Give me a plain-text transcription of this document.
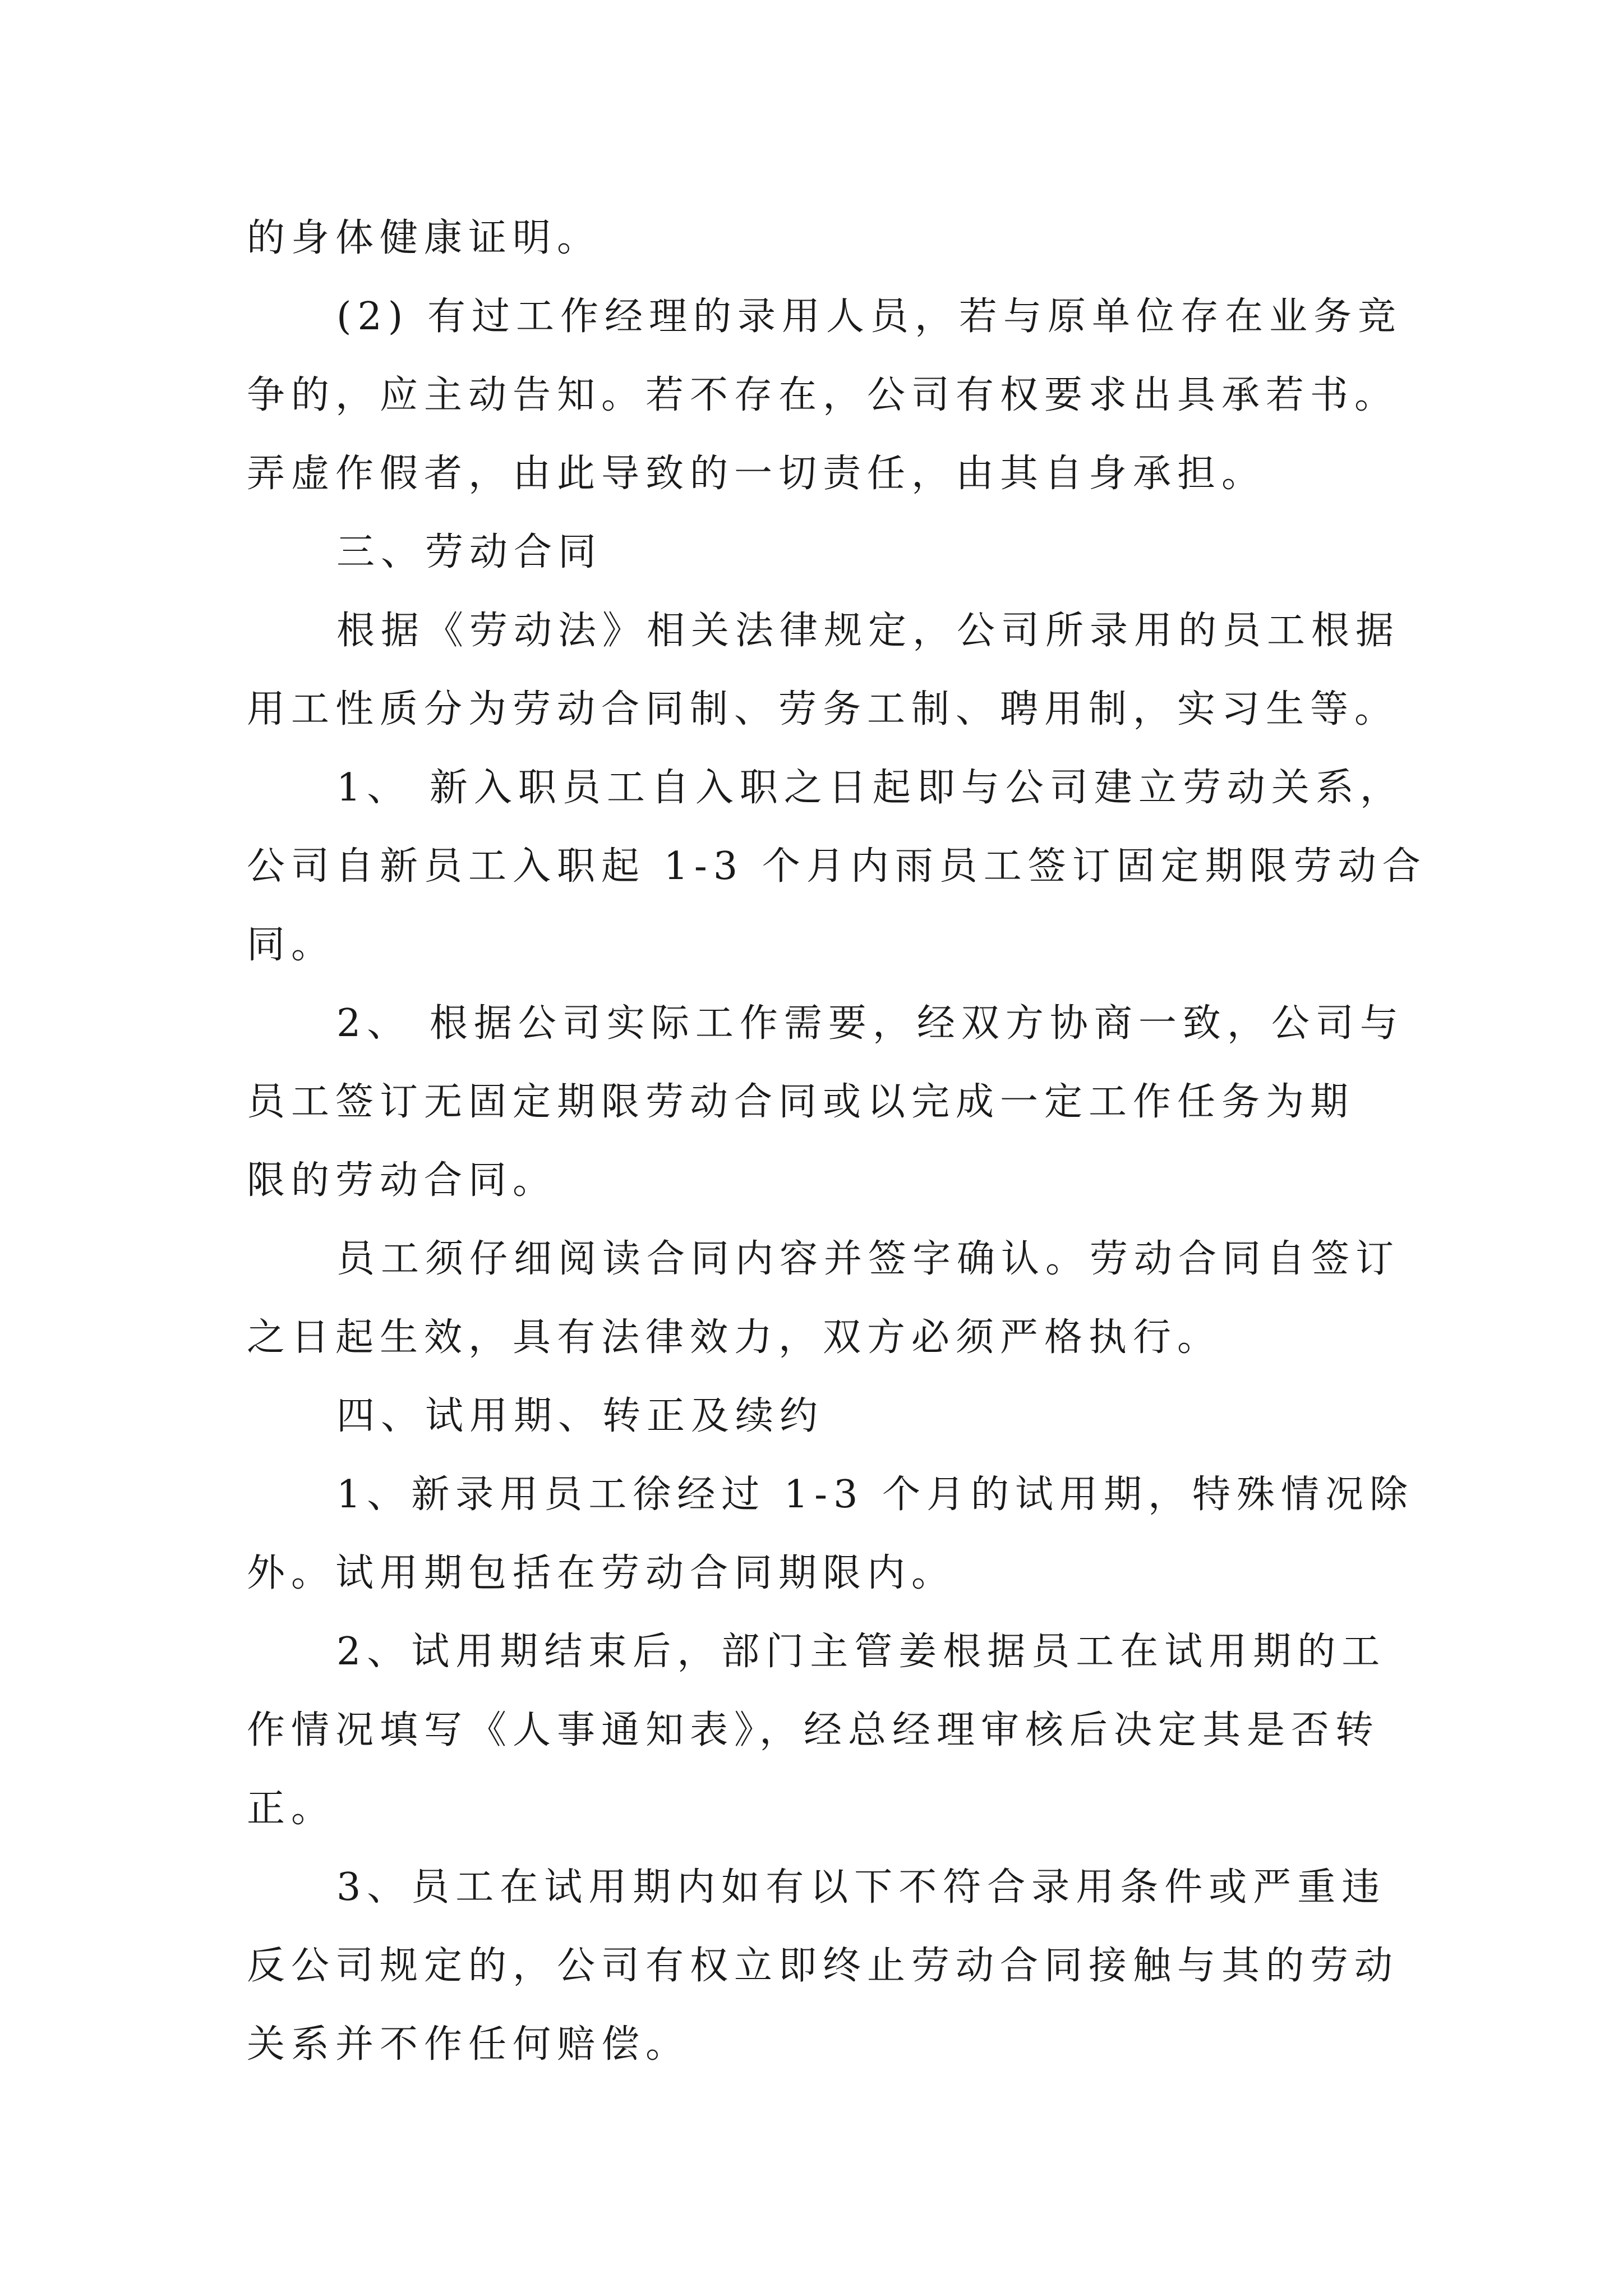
的身体健康证明。
(2) 有过工作经理的录用人员，若与原单位存在业务竞
争的，应主动告知。若不存在，公司有权要求出具承若书。
弄虚作假者，由此导致的一切责任，由其自身承担。
三、劳动合同
根据《劳动法》相关法律规定，公司所录用的员工根据
用工性质分为劳动合同制、劳务工制、聘用制，实习生等。
1、 新入职员工自入职之日起即与公司建立劳动关系，
公司自新员工入职起 1-3 个月内雨员工签订固定期限劳动合
同。
2、 根据公司实际工作需要，经双方协商一致，公司与
员工签订无固定期限劳动合同或以完成一定工作任务为期
限的劳动合同。
员工须仔细阅读合同内容并签字确认。劳动合同自签订
之日起生效，具有法律效力，双方必须严格执行。
四、试用期、转正及续约
1、新录用员工徐经过 1-3 个月的试用期，特殊情况除
外。试用期包括在劳动合同期限内。
2、试用期结束后，部门主管姜根据员工在试用期的工
作情况填写《人事通知表》，经总经理审核后决定其是否转
正。
3、员工在试用期内如有以下不符合录用条件或严重违
反公司规定的，公司有权立即终止劳动合同接触与其的劳动
关系并不作任何赔偿。
